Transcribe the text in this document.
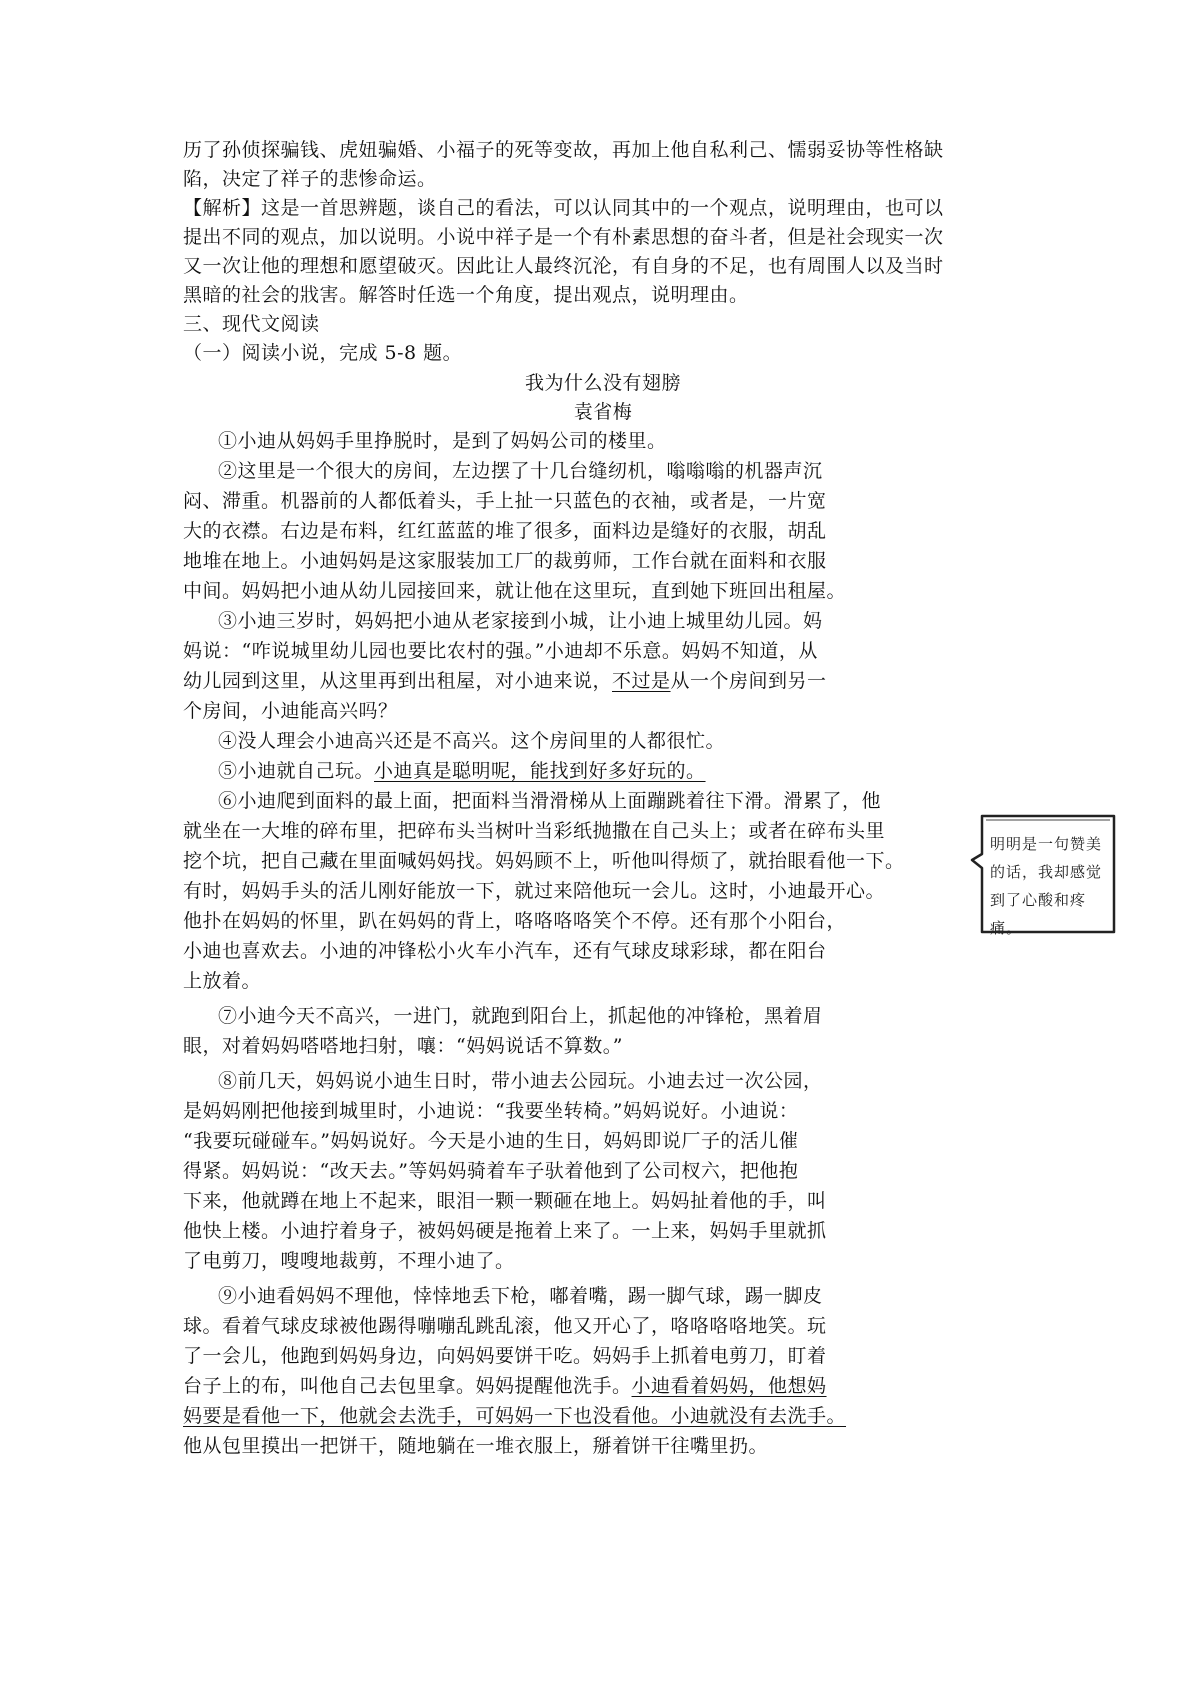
历了孙侦探骗钱、虎妞骗婚、小福子的死等变故，再加上他自私利己、懦弱妥协等性格缺
陷，决定了祥子的悲惨命运。
【解析】这是一首思辨题，谈自己的看法，可以认同其中的一个观点，说明理由，也可以
提出不同的观点，加以说明。小说中祥子是一个有朴素思想的奋斗者，但是社会现实一次
又一次让他的理想和愿望破灭。因此让人最终沉沦，有自身的不足，也有周围人以及当时
黑暗的社会的戕害。解答时任选一个角度，提出观点，说明理由。
三、现代文阅读
（一）阅读小说，完成 5-8 题。
我为什么没有翅膀
袁省梅
①小迪从妈妈手里挣脱时，是到了妈妈公司的楼里。
②这里是一个很大的房间，左边摆了十几台缝纫机，嗡嗡嗡的机器声沉
闷、滞重。机器前的人都低着头，手上扯一只蓝色的衣袖，或者是，一片宽
大的衣襟。右边是布料，红红蓝蓝的堆了很多，面料边是缝好的衣服，胡乱
地堆在地上。小迪妈妈是这家服装加工厂的裁剪师，工作台就在面料和衣服
中间。妈妈把小迪从幼儿园接回来，就让他在这里玩，直到她下班回出租屋。
③小迪三岁时，妈妈把小迪从老家接到小城，让小迪上城里幼儿园。妈
妈说：“咋说城里幼儿园也要比农村的强。”小迪却不乐意。妈妈不知道，从
幼儿园到这里，从这里再到出租屋，对小迪来说，不过是从一个房间到另一
个房间，小迪能高兴吗？
④没人理会小迪高兴还是不高兴。这个房间里的人都很忙。
⑤小迪就自己玩。小迪真是聪明呢，能找到好多好玩的。
⑥小迪爬到面料的最上面，把面料当滑滑梯从上面蹦跳着往下滑。滑累了，他
就坐在一大堆的碎布里，把碎布头当树叶当彩纸抛撒在自己头上；或者在碎布头里
挖个坑，把自己藏在里面喊妈妈找。妈妈顾不上，听他叫得烦了，就抬眼看他一下。
有时，妈妈手头的活儿刚好能放一下，就过来陪他玩一会儿。这时，小迪最开心。
他扑在妈妈的怀里，趴在妈妈的背上，咯咯咯咯笑个不停。还有那个小阳台，
小迪也喜欢去。小迪的冲锋松小火车小汽车，还有气球皮球彩球，都在阳台
上放着。
⑦小迪今天不高兴，一进门，就跑到阳台上，抓起他的冲锋枪，黑着眉
眼，对着妈妈嗒嗒地扫射，嚷：“妈妈说话不算数。”
⑧前几天，妈妈说小迪生日时，带小迪去公园玩。小迪去过一次公园，
是妈妈刚把他接到城里时，小迪说：“我要坐转椅。”妈妈说好。小迪说：
“我要玩碰碰车。”妈妈说好。今天是小迪的生日，妈妈即说厂子的活儿催
得紧。妈妈说：“改天去。”等妈妈骑着车子驮着他到了公司杈六，把他抱
下来，他就蹲在地上不起来，眼泪一颗一颗砸在地上。妈妈扯着他的手，叫
他快上楼。小迪拧着身子，被妈妈硬是拖着上来了。一上来，妈妈手里就抓
了电剪刀，嗖嗖地裁剪，不理小迪了。
⑨小迪看妈妈不理他，悻悻地丢下枪，嘟着嘴，踢一脚气球，踢一脚皮
球。看着气球皮球被他踢得嘣嘣乱跳乱滚，他又开心了，咯咯咯咯地笑。玩
了一会儿，他跑到妈妈身边，向妈妈要饼干吃。妈妈手上抓着电剪刀，盯着
台子上的布，叫他自己去包里拿。妈妈提醒他洗手。小迪看着妈妈，他想妈
妈要是看他一下，他就会去洗手，可妈妈一下也没看他。小迪就没有去洗手。
他从包里摸出一把饼干，随地躺在一堆衣服上，掰着饼干往嘴里扔。
明明是一句赞美的话，我却感觉到了心酸和疼痛。
